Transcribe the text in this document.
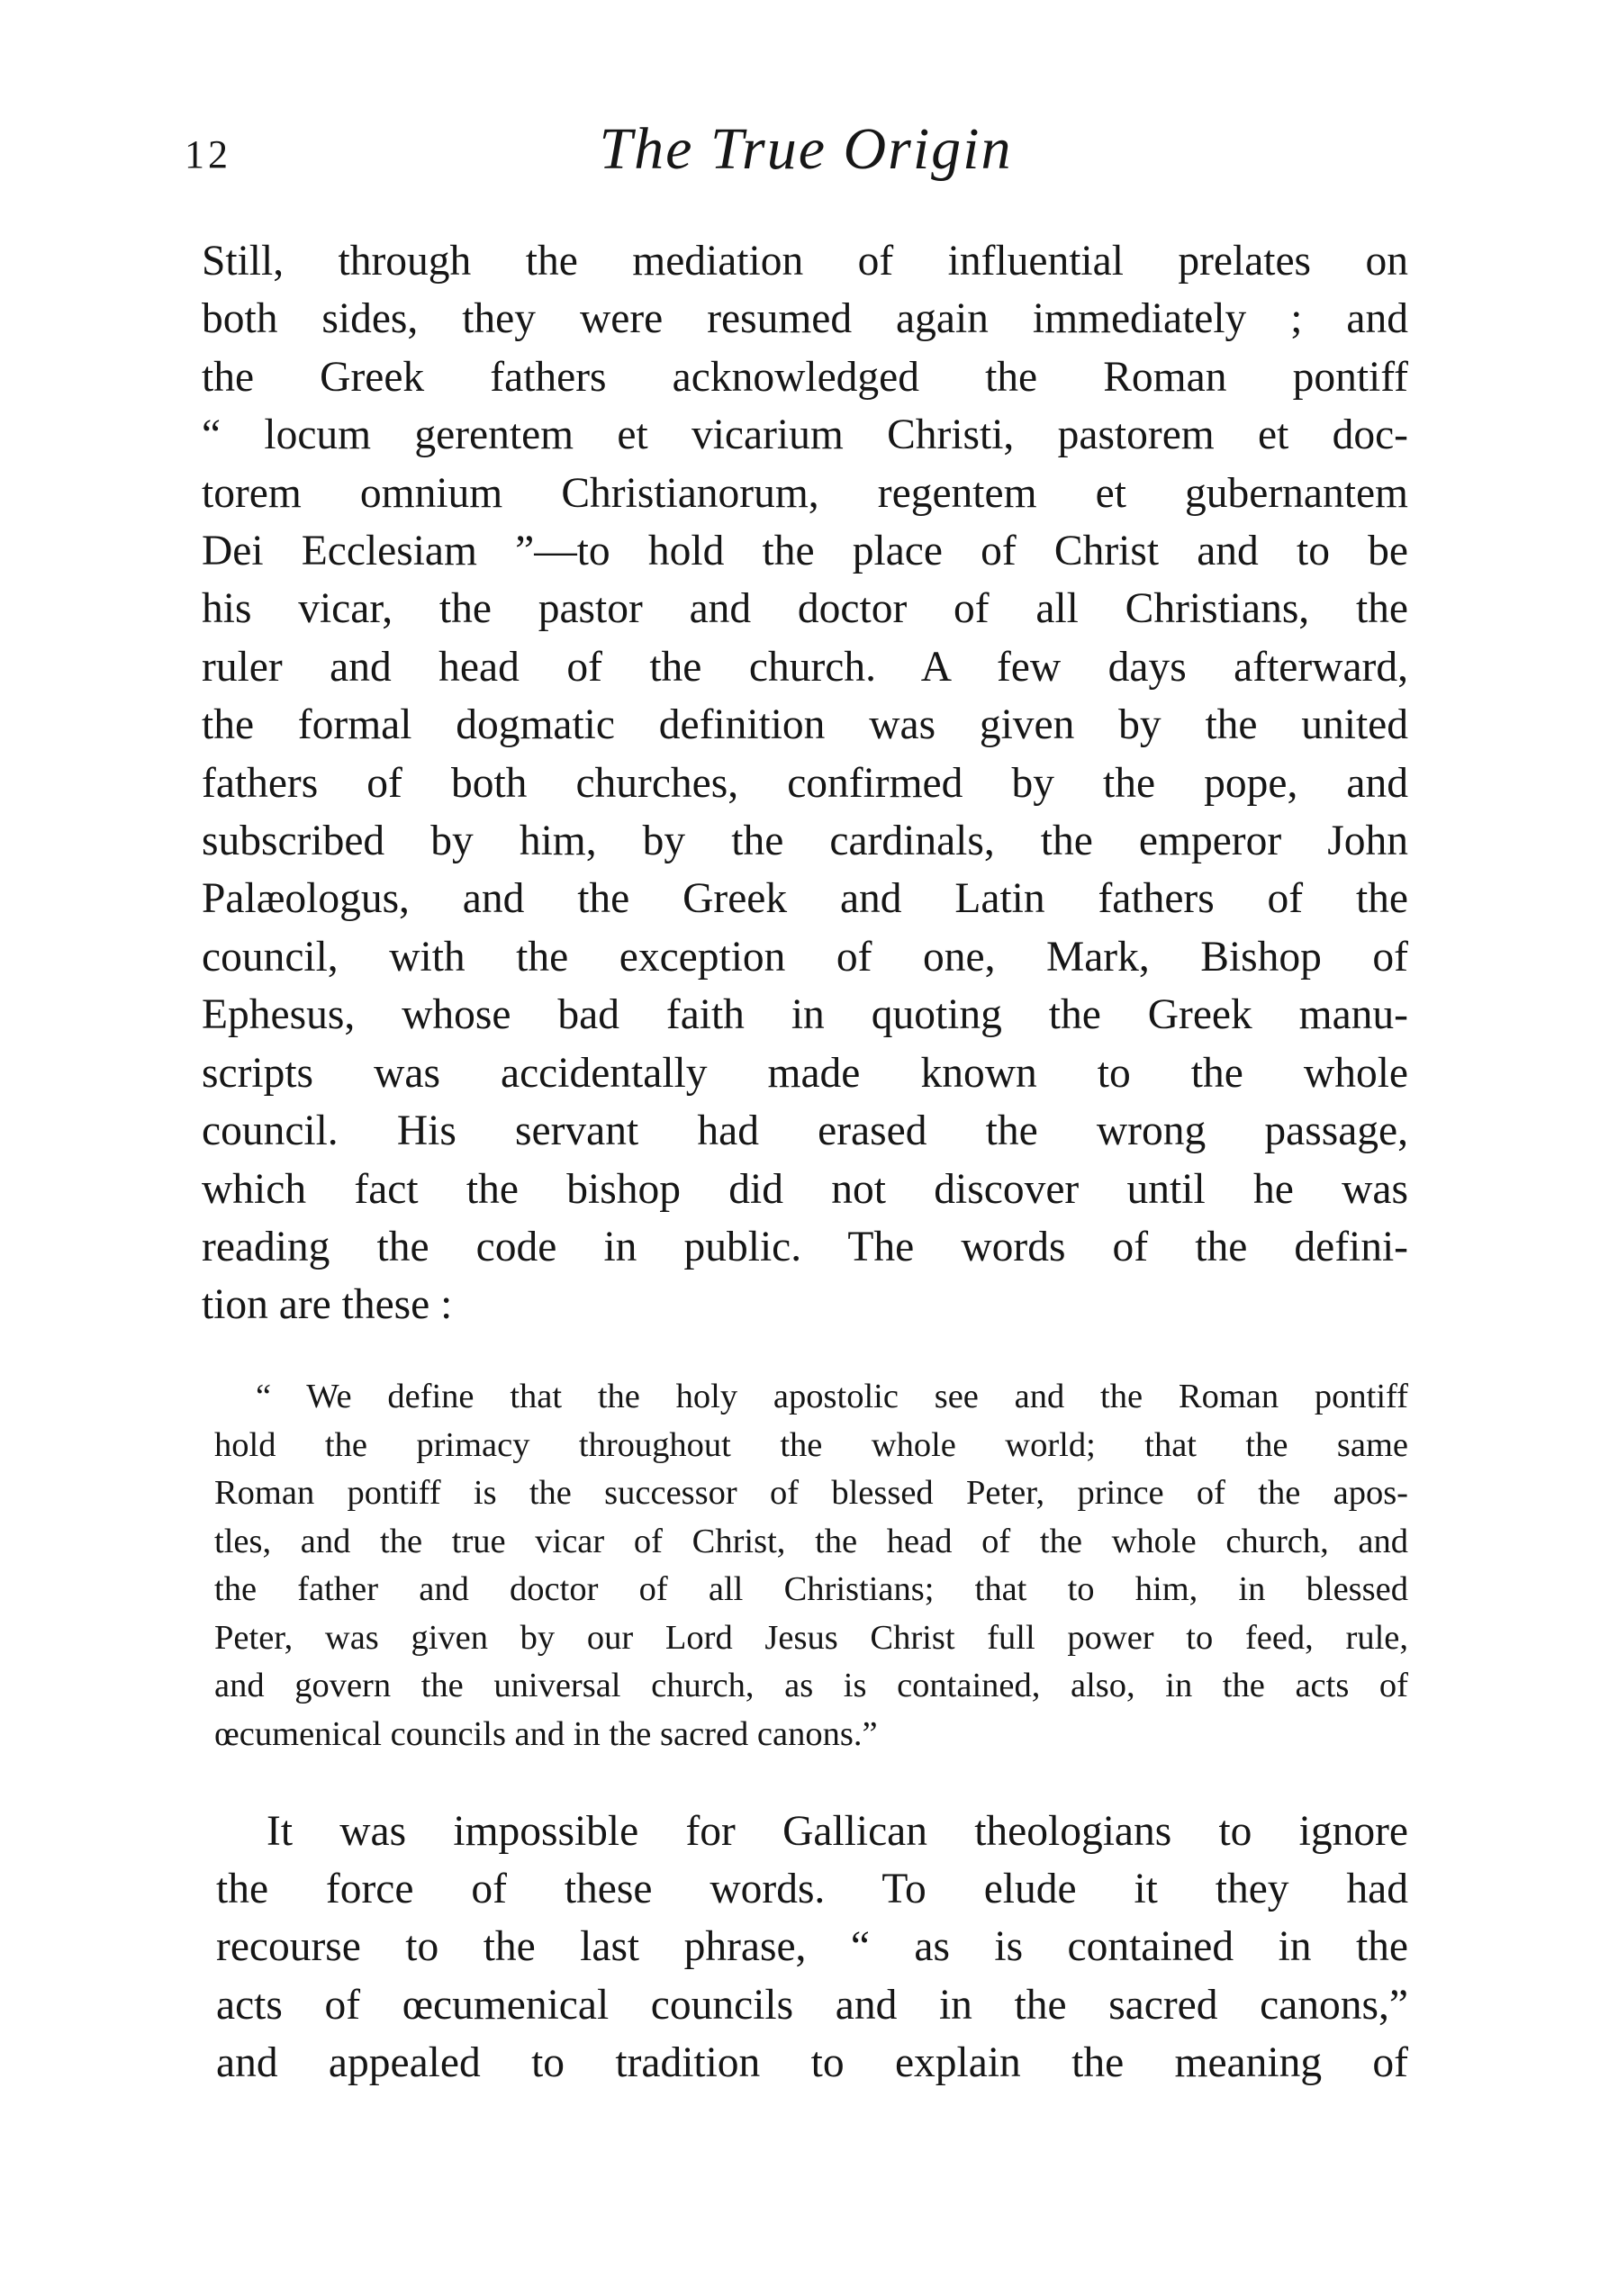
12	The True Origin
Still, through the mediation of influential prelates on
both sides, they were resumed again immediately ; and
the Greek fathers acknowledged the Roman pontiff
“ locum gerentem et vicarium Christi, pastorem et doc-
torem omnium Christianorum, regentem et gubernantem
Dei Ecclesiam ”—to hold the place of Christ and to be
his vicar, the pastor and doctor of all Christians, the
ruler and head of the church. A few days afterward,
the formal dogmatic definition was given by the united
fathers of both churches, confirmed by the pope, and
subscribed by him, by the cardinals, the emperor John
Palæologus, and the Greek and Latin fathers of the
council, with the exception of one, Mark, Bishop of
Ephesus, whose bad faith in quoting the Greek manu-
scripts was accidentally made known to the whole
council. His servant had erased the wrong passage,
which fact the bishop did not discover until he was
reading the code in public. The words of the defini-
tion are these :
“ We define that the holy apostolic see and the Roman pontiff
hold the primacy throughout the whole world; that the same
Roman pontiff is the successor of blessed Peter, prince of the apos-
tles, and the true vicar of Christ, the head of the whole church, and
the father and doctor of all Christians; that to him, in blessed
Peter, was given by our Lord Jesus Christ full power to feed, rule,
and govern the universal church, as is contained, also, in the acts of
œcumenical councils and in the sacred canons.”
It was impossible for Gallican theologians to ignore
the force of these words. To elude it they had
recourse to the last phrase, “ as is contained in the
acts of œcumenical councils and in the sacred canons,”
and appealed to tradition to explain the meaning of
